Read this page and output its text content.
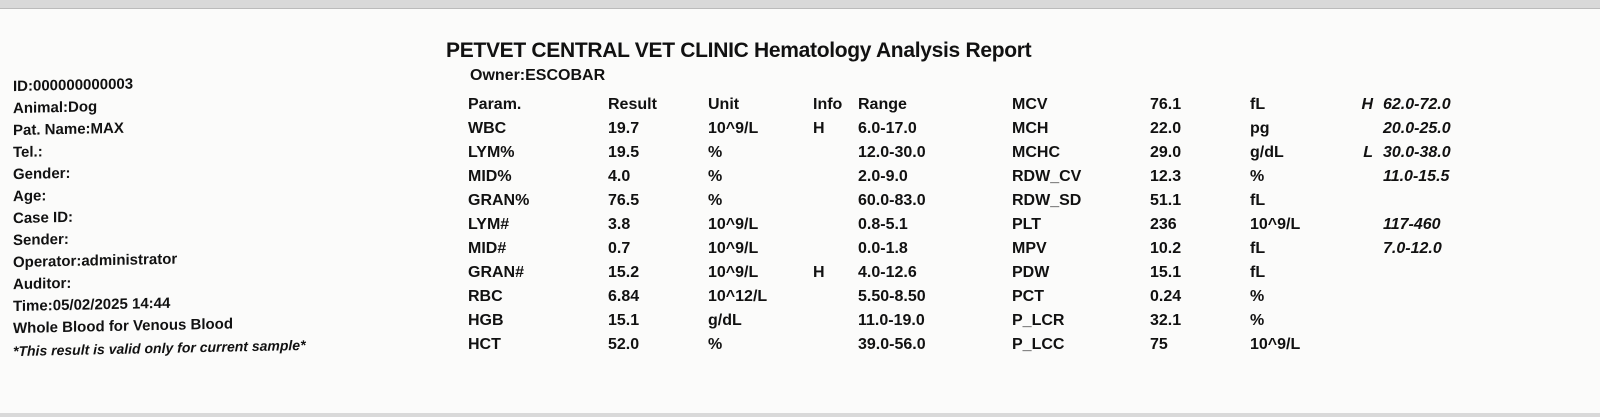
PETVET CENTRAL VET CLINIC Hematology Analysis Report
Owner:ESCOBAR
ID:000000000003
Animal:Dog
Pat. Name:MAX
Tel.:
Gender:
Age:
Case ID:
Sender:
Operator:administrator
Auditor:
Time:05/02/2025 14:44
Whole Blood for Venous Blood
*This result is valid only for current sample*
Param.	Result	Unit	Info	Range
WBC	19.7	10^9/L	H	6.0-17.0
LYM%	19.5	%		12.0-30.0
MID%	4.0	%		2.0-9.0
GRAN%	76.5	%		60.0-83.0
LYM#	3.8	10^9/L		0.8-5.1
MID#	0.7	10^9/L		0.0-1.8
GRAN#	15.2	10^9/L	H	4.0-12.6
RBC	6.84	10^12/L		5.50-8.50
HGB	15.1	g/dL		11.0-19.0
HCT	52.0	%		39.0-56.0
MCV	76.1	fL	H	62.0-72.0
MCH	22.0	pg		20.0-25.0
MCHC	29.0	g/dL	L	30.0-38.0
RDW_CV	12.3	%		11.0-15.5
RDW_SD	51.1	fL		
PLT	236	10^9/L		117-460
MPV	10.2	fL		7.0-12.0
PDW	15.1	fL		
PCT	0.24	%		
P_LCR	32.1	%		
P_LCC	75	10^9/L		
